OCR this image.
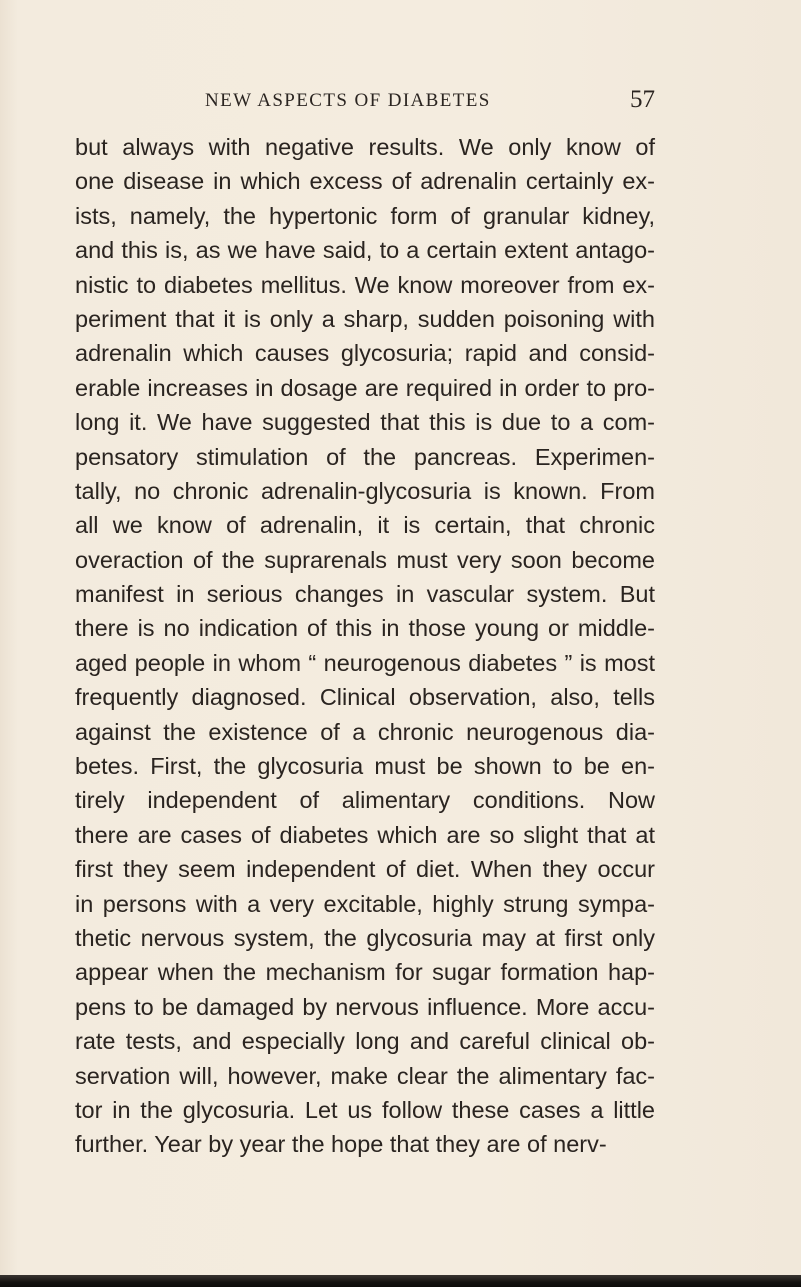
NEW ASPECTS OF DIABETES	57
but always with negative results. We only know of
one disease in which excess of adrenalin certainly ex-
ists, namely, the hypertonic form of granular kidney,
and this is, as we have said, to a certain extent antago-
nistic to diabetes mellitus. We know moreover from ex-
periment that it is only a sharp, sudden poisoning with
adrenalin which causes glycosuria; rapid and consid-
erable increases in dosage are required in order to pro-
long it. We have suggested that this is due to a com-
pensatory stimulation of the pancreas. Experimen-
tally, no chronic adrenalin-glycosuria is known. From
all we know of adrenalin, it is certain, that chronic
overaction of the suprarenals must very soon become
manifest in serious changes in vascular system. But
there is no indication of this in those young or middle-
aged people in whom “ neurogenous diabetes ” is most
frequently diagnosed. Clinical observation, also, tells
against the existence of a chronic neurogenous dia-
betes. First, the glycosuria must be shown to be en-
tirely independent of alimentary conditions. Now
there are cases of diabetes which are so slight that at
first they seem independent of diet. When they occur
in persons with a very excitable, highly strung sympa-
thetic nervous system, the glycosuria may at first only
appear when the mechanism for sugar formation hap-
pens to be damaged by nervous influence. More accu-
rate tests, and especially long and careful clinical ob-
servation will, however, make clear the alimentary fac-
tor in the glycosuria. Let us follow these cases a little
further. Year by year the hope that they are of nerv-
